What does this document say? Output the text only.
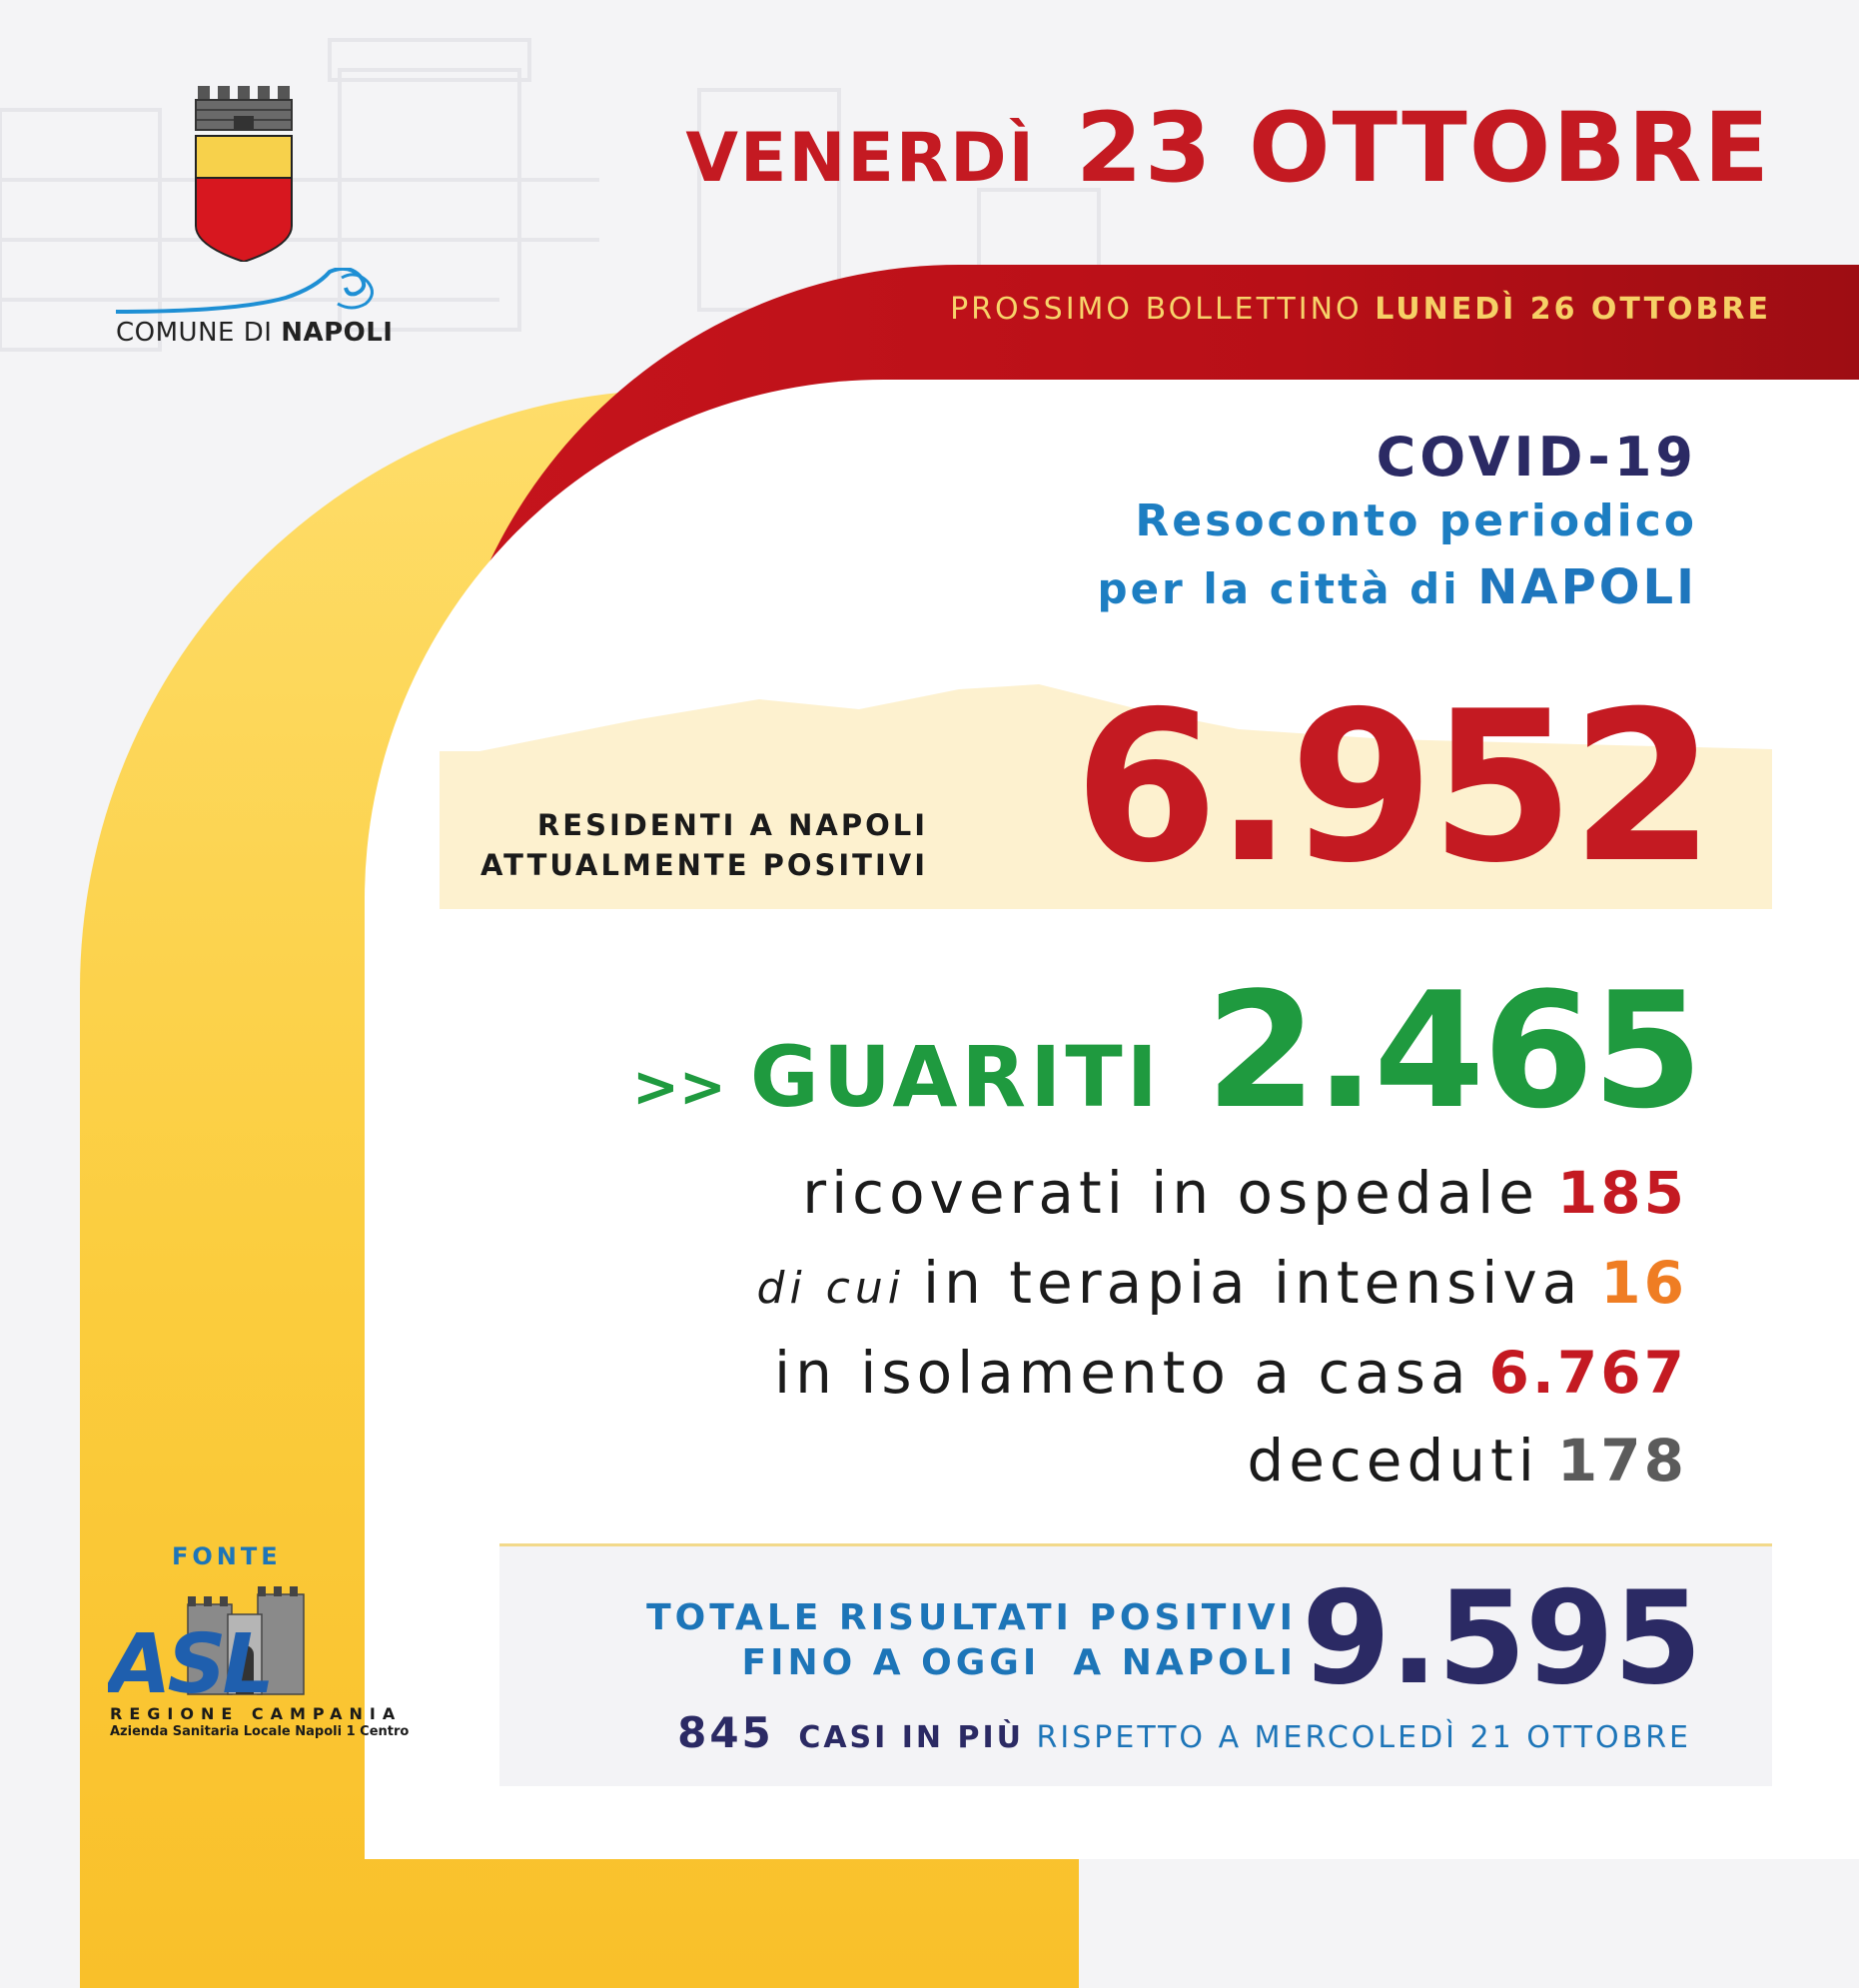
COMUNE DI NAPOLI
VENERDÌ 23 OTTOBRE
PROSSIMO BOLLETTINO LUNEDÌ 26 OTTOBRE
COVID-19
Resoconto periodico
per la città di NAPOLI
RESIDENTI A NAPOLI
ATTUALMENTE POSITIVI 6.952
>> GUARITI 2.465
ricoverati in ospedale 185
di cui in terapia intensiva 16
in isolamento a casa 6.767
deceduti 178
TOTALE RISULTATI POSITIVI
FINO A OGGI  A NAPOLI 9.595
845 CASI IN PIÙ RISPETTO A MERCOLEDÌ 21 OTTOBRE
FONTE
ASL
REGIONE CAMPANIA
Azienda Sanitaria Locale Napoli 1 Centro
